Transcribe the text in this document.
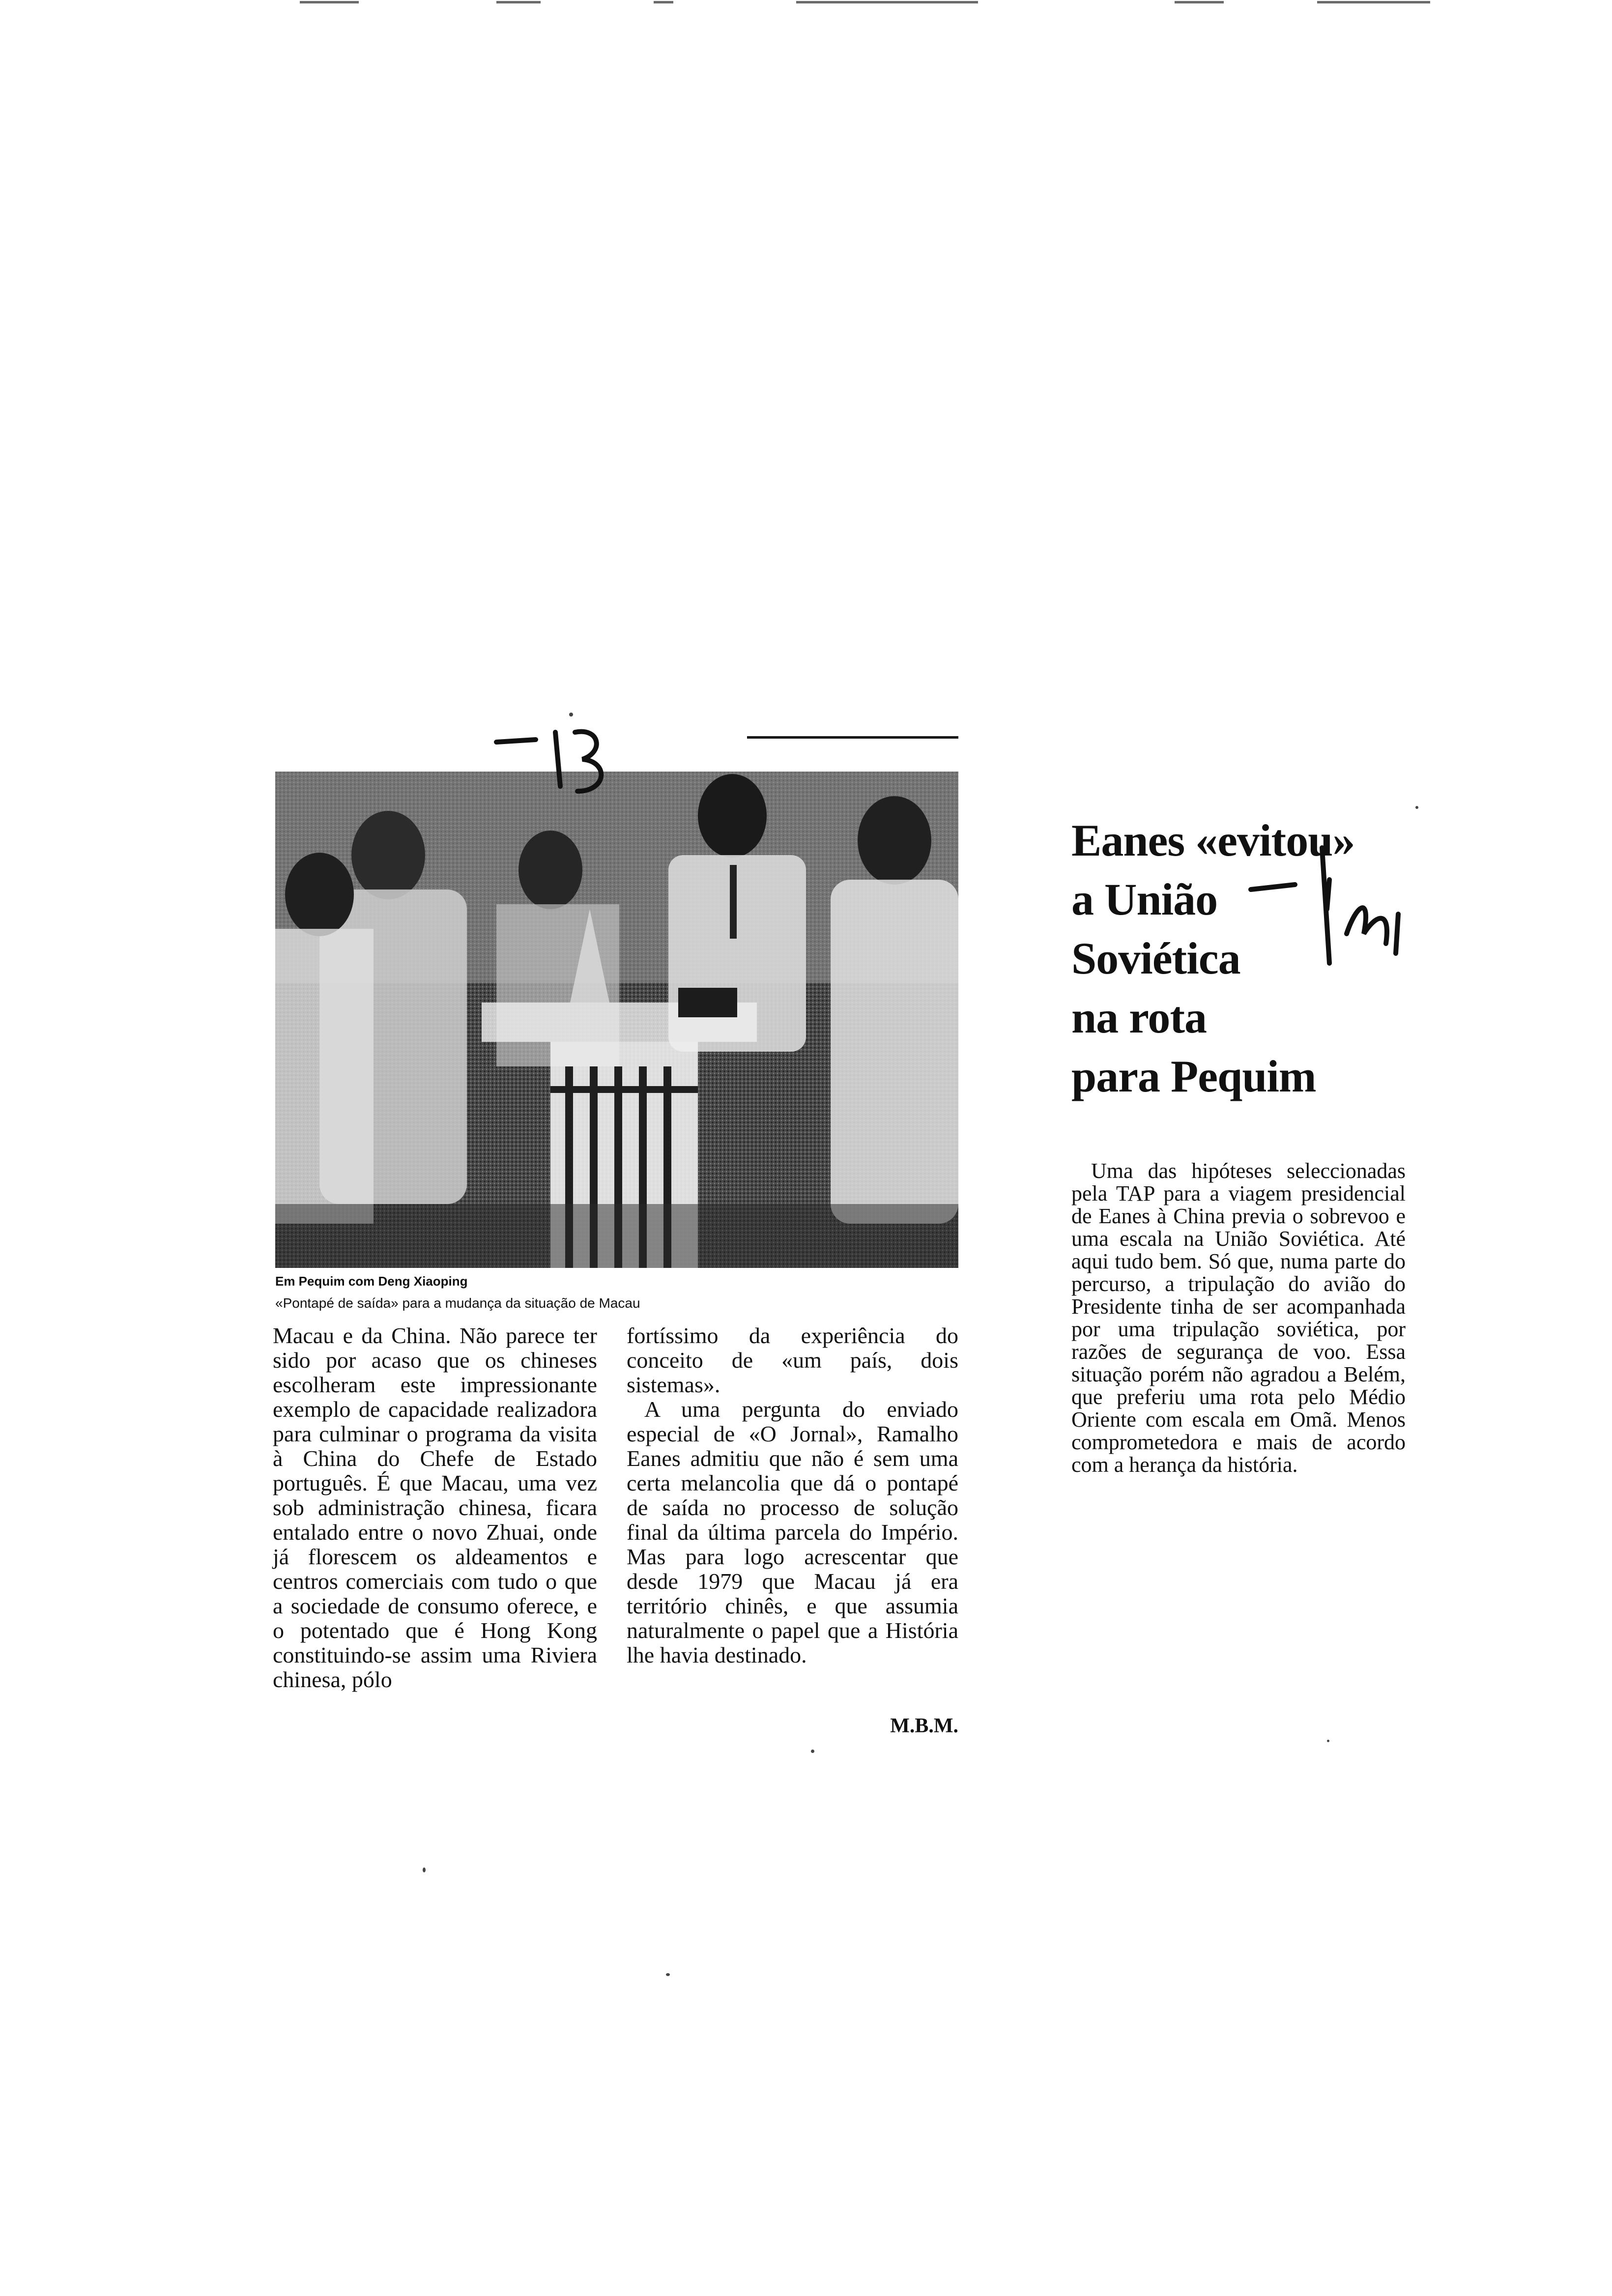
Em Pequim com Deng Xiaoping
«Pontapé de saída» para a mudança da situação de Macau

Macau e da China. Não parece ter sido por acaso que os chineses escolheram este impressionante exemplo de capacidade realizadora para culminar o programa da visita à China do Chefe de Estado português. É que Macau, uma vez sob administração chinesa, ficara entalado entre o novo Zhuai, onde já florescem os aldeamentos e centros comerciais com tudo o que a sociedade de consumo oferece, e o potentado que é Hong Kong constituindo-se assim uma Riviera chinesa, pólo

fortíssimo da experiência do conceito de «um país, dois sistemas».

A uma pergunta do enviado especial de «O Jornal», Ramalho Eanes admitiu que não é sem uma certa melancolia que dá o pontapé de saída no processo de solução final da última parcela do Império. Mas para logo acrescentar que desde 1979 que Macau já era território chinês, e que assumia naturalmente o papel que a História lhe havia destinado.

M.B.M.
Eanes «evitou»
a União
Soviética
na rota
para Pequim
Uma das hipóteses seleccionadas pela TAP para a viagem presidencial de Eanes à China previa o sobrevoo e uma escala na União Soviética. Até aqui tudo bem. Só que, numa parte do percurso, a tripulação do avião do Presidente tinha de ser acompanhada por uma tripulação soviética, por razões de segurança de voo. Essa situação porém não agradou a Belém, que preferiu uma rota pelo Médio Oriente com escala em Omã. Menos comprometedora e mais de acordo com a herança da história.
